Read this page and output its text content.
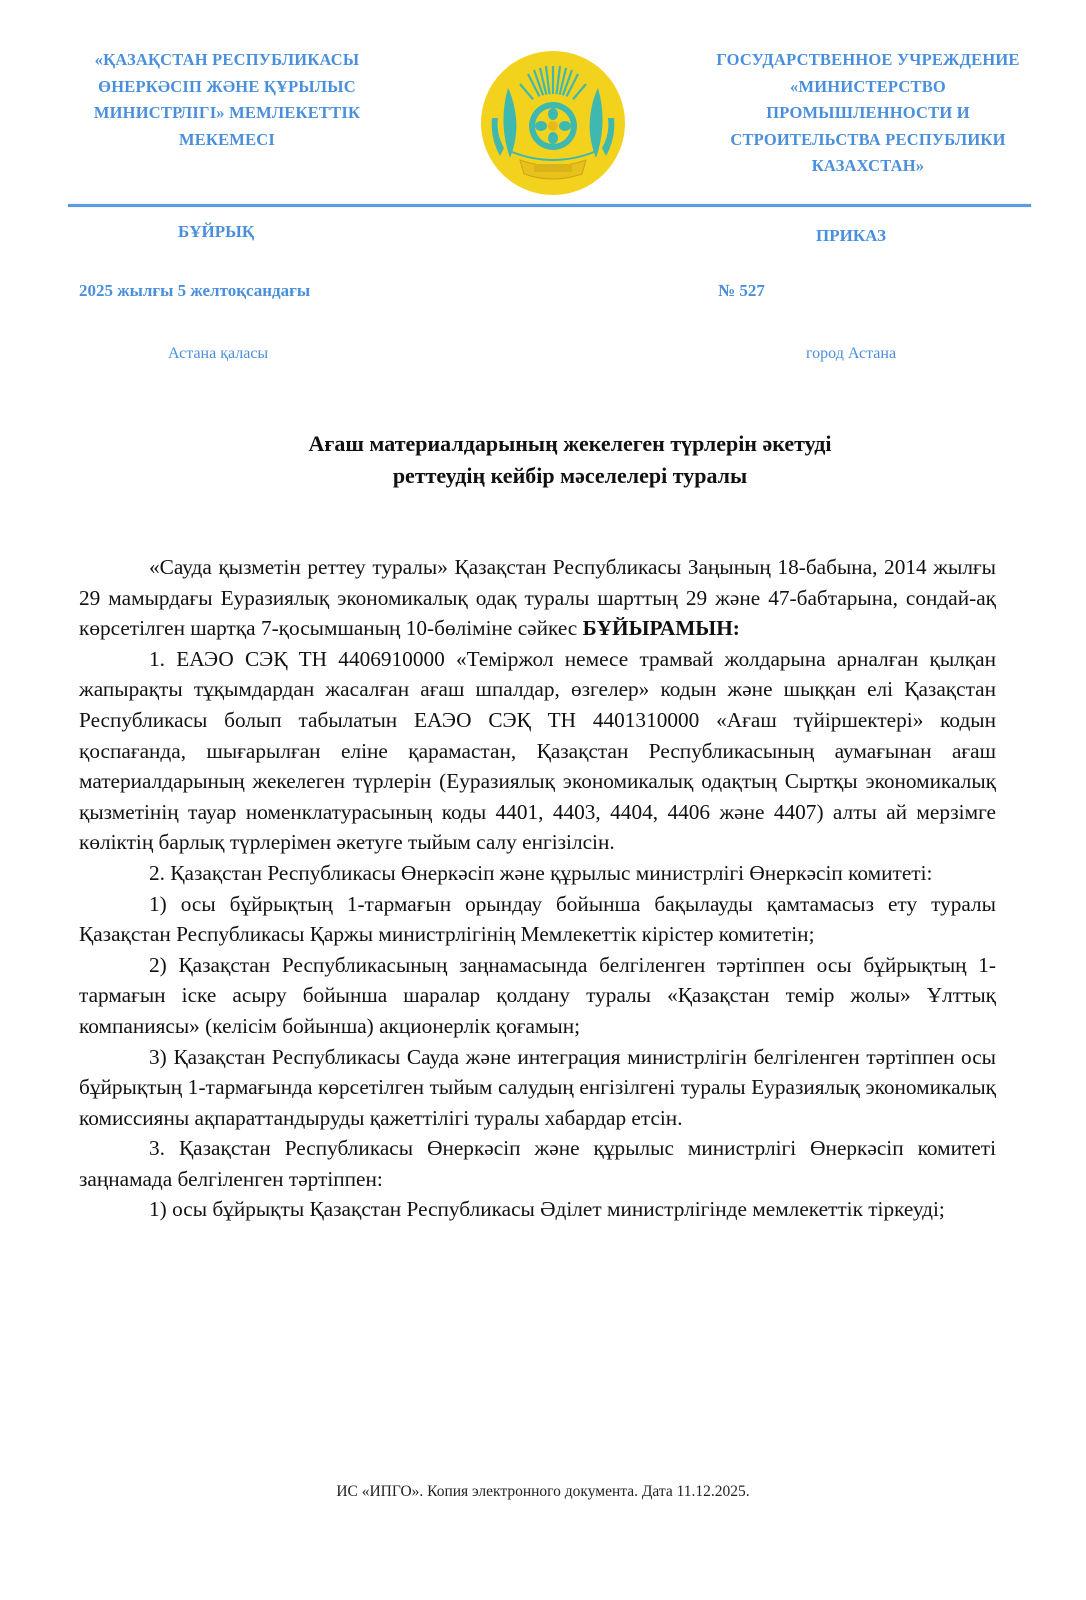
«ҚАЗАҚСТАН РЕСПУБЛИКАСЫ
ӨНЕРКӘСІП ЖӘНЕ ҚҰРЫЛЫС
МИНИСТРЛІГІ» МЕМЛЕКЕТТІК
МЕКЕМЕСІ
ГОСУДАРСТВЕННОЕ УЧРЕЖДЕНИЕ
«МИНИСТЕРСТВО
ПРОМЫШЛЕННОСТИ И
СТРОИТЕЛЬСТВА РЕСПУБЛИКИ
КАЗАХСТАН»
БҰЙРЫҚ	ПРИКАЗ
2025 жылғы 5 желтоқсандағы	№ 527
Астана қаласы	город Астана
Ағаш материалдарының жекелеген түрлерін әкетуді
реттеудің кейбір мәселелері туралы

«Сауда қызметін реттеу туралы» Қазақстан Республикасы Заңының 18-бабына, 2014 жылғы 29 мамырдағы Еуразиялық экономикалық одақ туралы шарттың 29 және 47-бабтарына, сондай-ақ көрсетілген шартқа 7-қосымшаның 10-бөліміне сәйкес БҰЙЫРАМЫН:

1. ЕАЭО СЭҚ ТН 4406910000 «Теміржол немесе трамвай жолдарына арналған қылқан жапырақты тұқымдардан жасалған ағаш шпалдар, өзгелер» кодын және шыққан елі Қазақстан Республикасы болып табылатын ЕАЭО СЭҚ ТН 4401310000 «Ағаш түйіршектері» кодын қоспағанда, шығарылған еліне қарамастан, Қазақстан Республикасының аумағынан ағаш материалдарының жекелеген түрлерін (Еуразиялық экономикалық одақтың Сыртқы экономикалық қызметінің тауар номенклатурасының коды 4401, 4403, 4404, 4406 және 4407) алты ай мерзімге көліктің барлық түрлерімен әкетуге тыйым салу енгізілсін.

2. Қазақстан Республикасы Өнеркәсіп және құрылыс министрлігі Өнеркәсіп комитеті:

1) осы бұйрықтың 1-тармағын орындау бойынша бақылауды қамтамасыз ету туралы Қазақстан Республикасы Қаржы министрлігінің Мемлекеттік кірістер комитетін;

2) Қазақстан Республикасының заңнамасында белгіленген тәртіппен осы бұйрықтың 1-тармағын іске асыру бойынша шаралар қолдану туралы «Қазақстан темір жолы» Ұлттық компаниясы» (келісім бойынша) акционерлік қоғамын;

3) Қазақстан Республикасы Сауда және интеграция министрлігін белгіленген тәртіппен осы бұйрықтың 1-тармағында көрсетілген тыйым салудың енгізілгені туралы Еуразиялық экономикалық комиссияны ақпараттандыруды қажеттілігі туралы хабардар етсін.

3. Қазақстан Республикасы Өнеркәсіп және құрылыс министрлігі Өнеркәсіп комитеті заңнамада белгіленген тәртіппен:

1) осы бұйрықты Қазақстан Республикасы Әділет министрлігінде мемлекеттік тіркеуді;

ИС «ИПГО». Копия электронного документа. Дата 11.12.2025.
